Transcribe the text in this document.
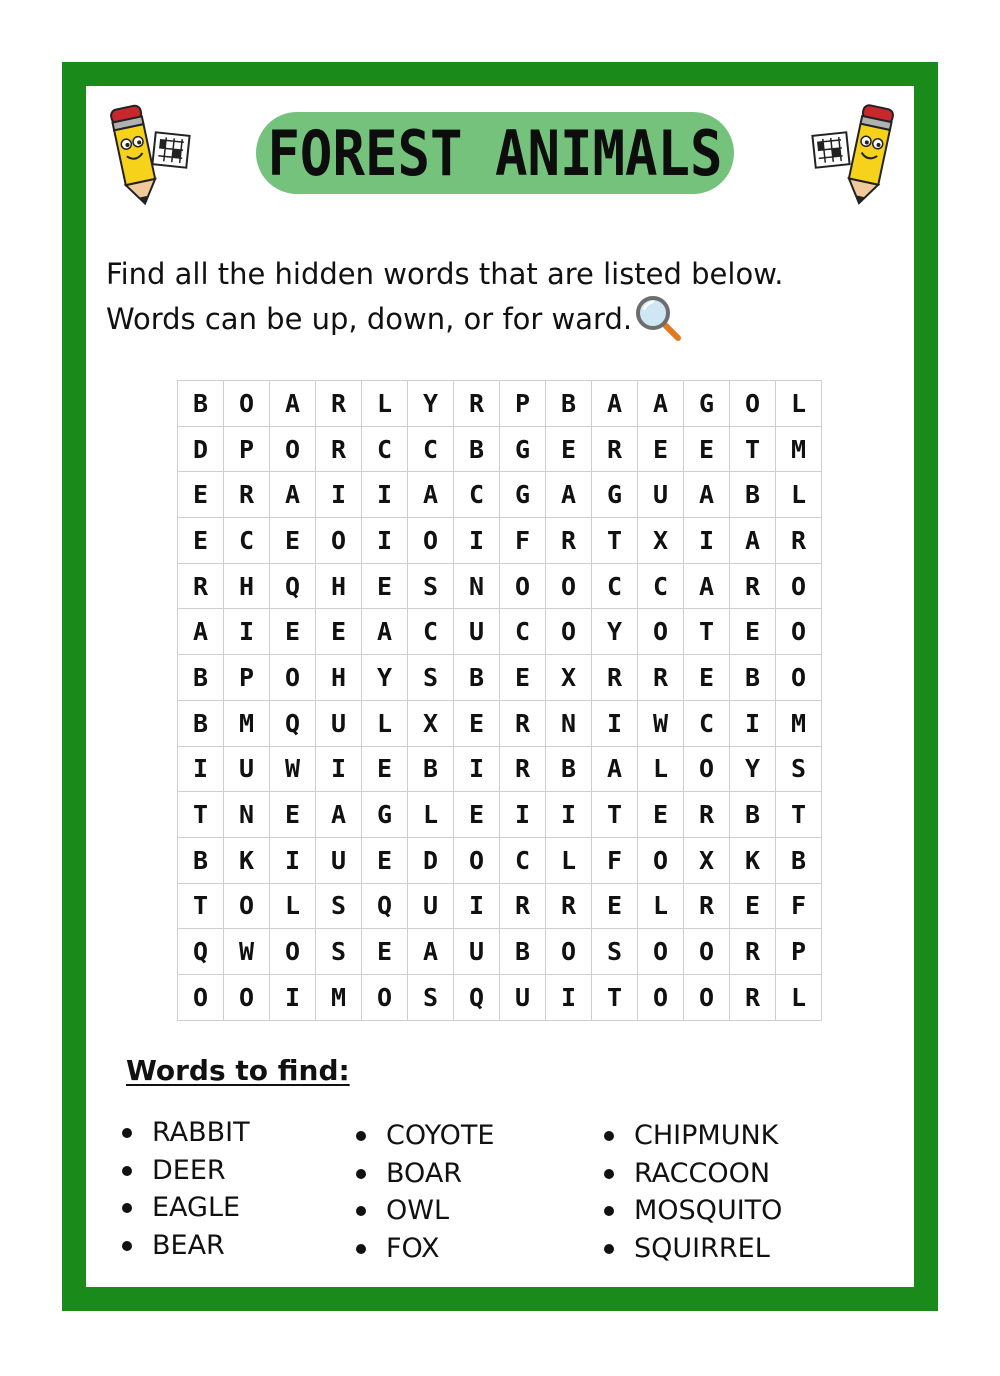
FOREST ANIMALS
Find all the hidden words that are listed below.
Words can be up, down, or for ward.
B	O	A	R	L	Y	R	P	B	A	A	G	O	L
D	P	O	R	C	C	B	G	E	R	E	E	T	M
E	R	A	I	I	A	C	G	A	G	U	A	B	L
E	C	E	O	I	O	I	F	R	T	X	I	A	R
R	H	Q	H	E	S	N	O	O	C	C	A	R	O
A	I	E	E	A	C	U	C	O	Y	O	T	E	O
B	P	O	H	Y	S	B	E	X	R	R	E	B	O
B	M	Q	U	L	X	E	R	N	I	W	C	I	M
I	U	W	I	E	B	I	R	B	A	L	O	Y	S
T	N	E	A	G	L	E	I	I	T	E	R	B	T
B	K	I	U	E	D	O	C	L	F	O	X	K	B
T	O	L	S	Q	U	I	R	R	E	L	R	E	F
Q	W	O	S	E	A	U	B	O	S	O	O	R	P
O	O	I	M	O	S	Q	U	I	T	O	O	R	L
Words to find:
RABBIT
DEER
EAGLE
BEAR
COYOTE
BOAR
OWL
FOX
CHIPMUNK
RACCOON
MOSQUITO
SQUIRREL
